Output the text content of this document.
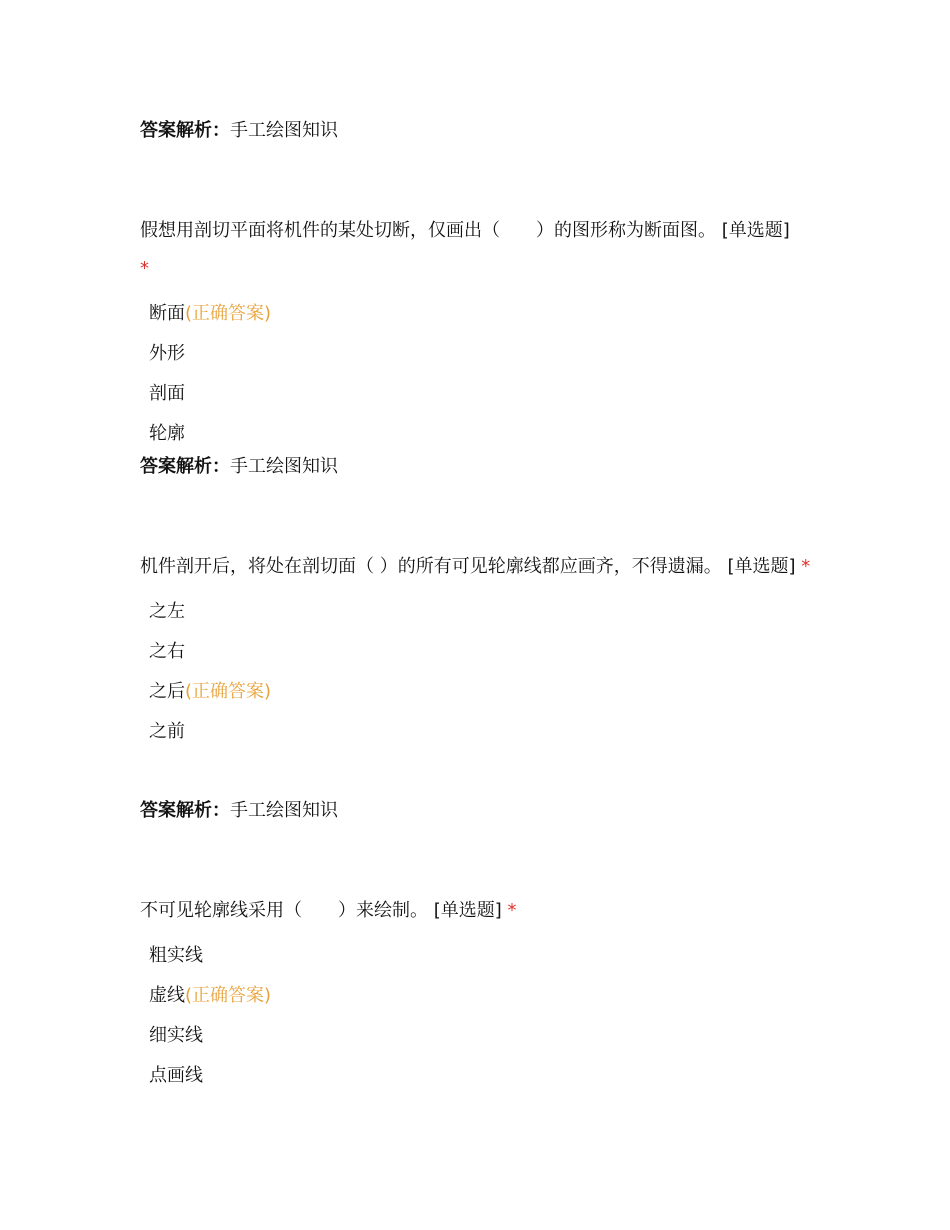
答案解析：手工绘图知识

假想用剖切平面将机件的某处切断，仅画出（　　）的图形称为断面图。 [单选题]
*

断面(正确答案)
外形
剖面
轮廓
答案解析：手工绘图知识

机件剖开后，将处在剖切面（ ）的所有可见轮廓线都应画齐，不得遗漏。 [单选题] *

之左
之右
之后(正确答案)
之前
答案解析：手工绘图知识

不可见轮廓线采用（　　）来绘制。 [单选题] *

粗实线
虚线(正确答案)
细实线
点画线
